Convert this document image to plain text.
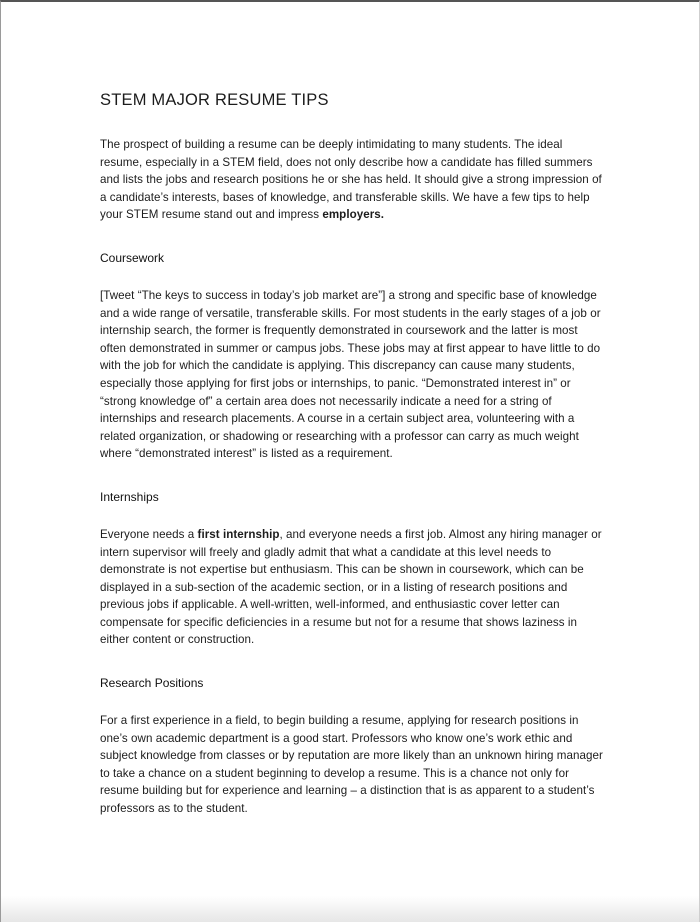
STEM MAJOR RESUME TIPS

The prospect of building a resume can be deeply intimidating to many students. The ideal resume, especially in a STEM field, does not only describe how a candidate has filled summers and lists the jobs and research positions he or she has held. It should give a strong impression of a candidate’s interests, bases of knowledge, and transferable skills. We have a few tips to help your STEM resume stand out and impress employers.

Coursework

[Tweet “The keys to success in today’s job market are”] a strong and specific base of knowledge and a wide range of versatile, transferable skills. For most students in the early stages of a job or internship search, the former is frequently demonstrated in coursework and the latter is most often demonstrated in summer or campus jobs. These jobs may at first appear to have little to do with the job for which the candidate is applying. This discrepancy can cause many students, especially those applying for first jobs or internships, to panic. “Demonstrated interest in” or “strong knowledge of” a certain area does not necessarily indicate a need for a string of internships and research placements. A course in a certain subject area, volunteering with a related organization, or shadowing or researching with a professor can carry as much weight where “demonstrated interest” is listed as a requirement.

Internships

Everyone needs a first internship, and everyone needs a first job. Almost any hiring manager or intern supervisor will freely and gladly admit that what a candidate at this level needs to demonstrate is not expertise but enthusiasm. This can be shown in coursework, which can be displayed in a sub-section of the academic section, or in a listing of research positions and previous jobs if applicable. A well-written, well-informed, and enthusiastic cover letter can compensate for specific deficiencies in a resume but not for a resume that shows laziness in either content or construction.

Research Positions

For a first experience in a field, to begin building a resume, applying for research positions in one’s own academic department is a good start. Professors who know one’s work ethic and subject knowledge from classes or by reputation are more likely than an unknown hiring manager to take a chance on a student beginning to develop a resume. This is a chance not only for resume building but for experience and learning – a distinction that is as apparent to a student’s professors as to the student.
